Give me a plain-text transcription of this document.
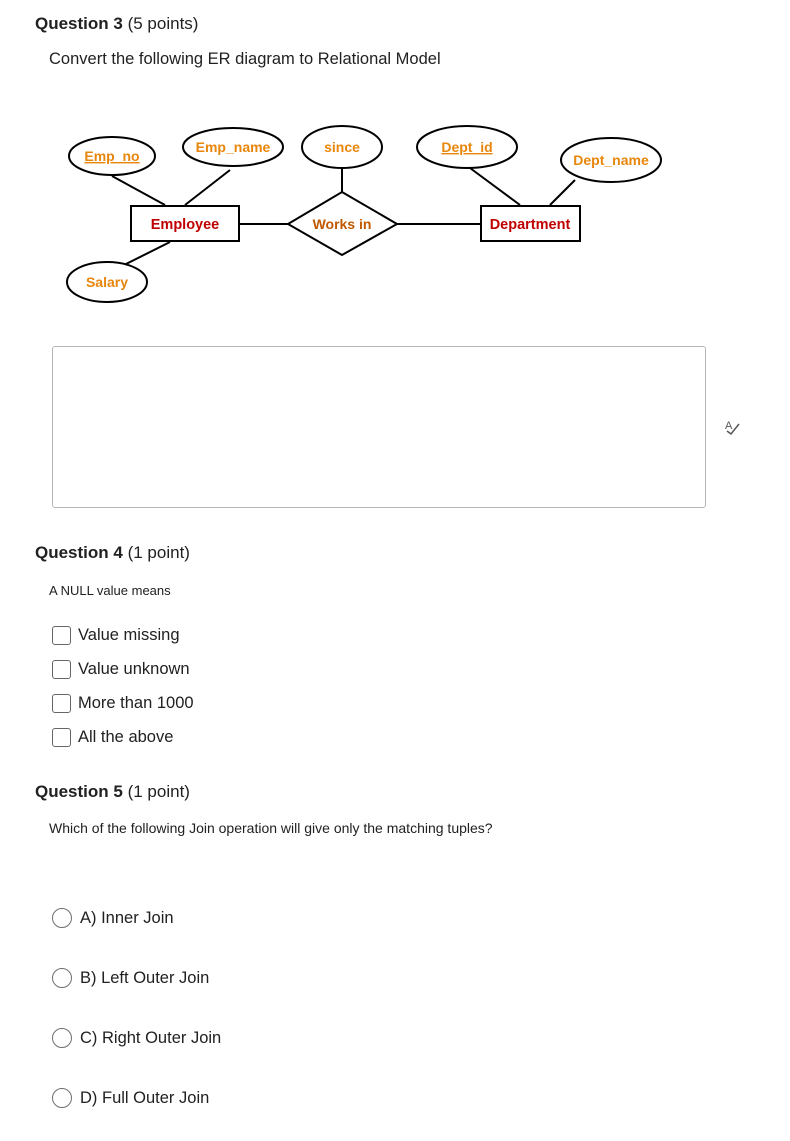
Question 3 (5 points)
Convert the following ER diagram to Relational Model
Emp_no
Emp_name	since	Dept_id
Dept_name
Salary
Employee	Department
Works in
A
Question 4 (1 point)
A NULL value means
Value missing
Value unknown
More than 1000
All the above
Question 5 (1 point)
Which of the following Join operation will give only the matching tuples?
A) Inner Join
B) Left Outer Join
C) Right Outer Join
D) Full Outer Join
